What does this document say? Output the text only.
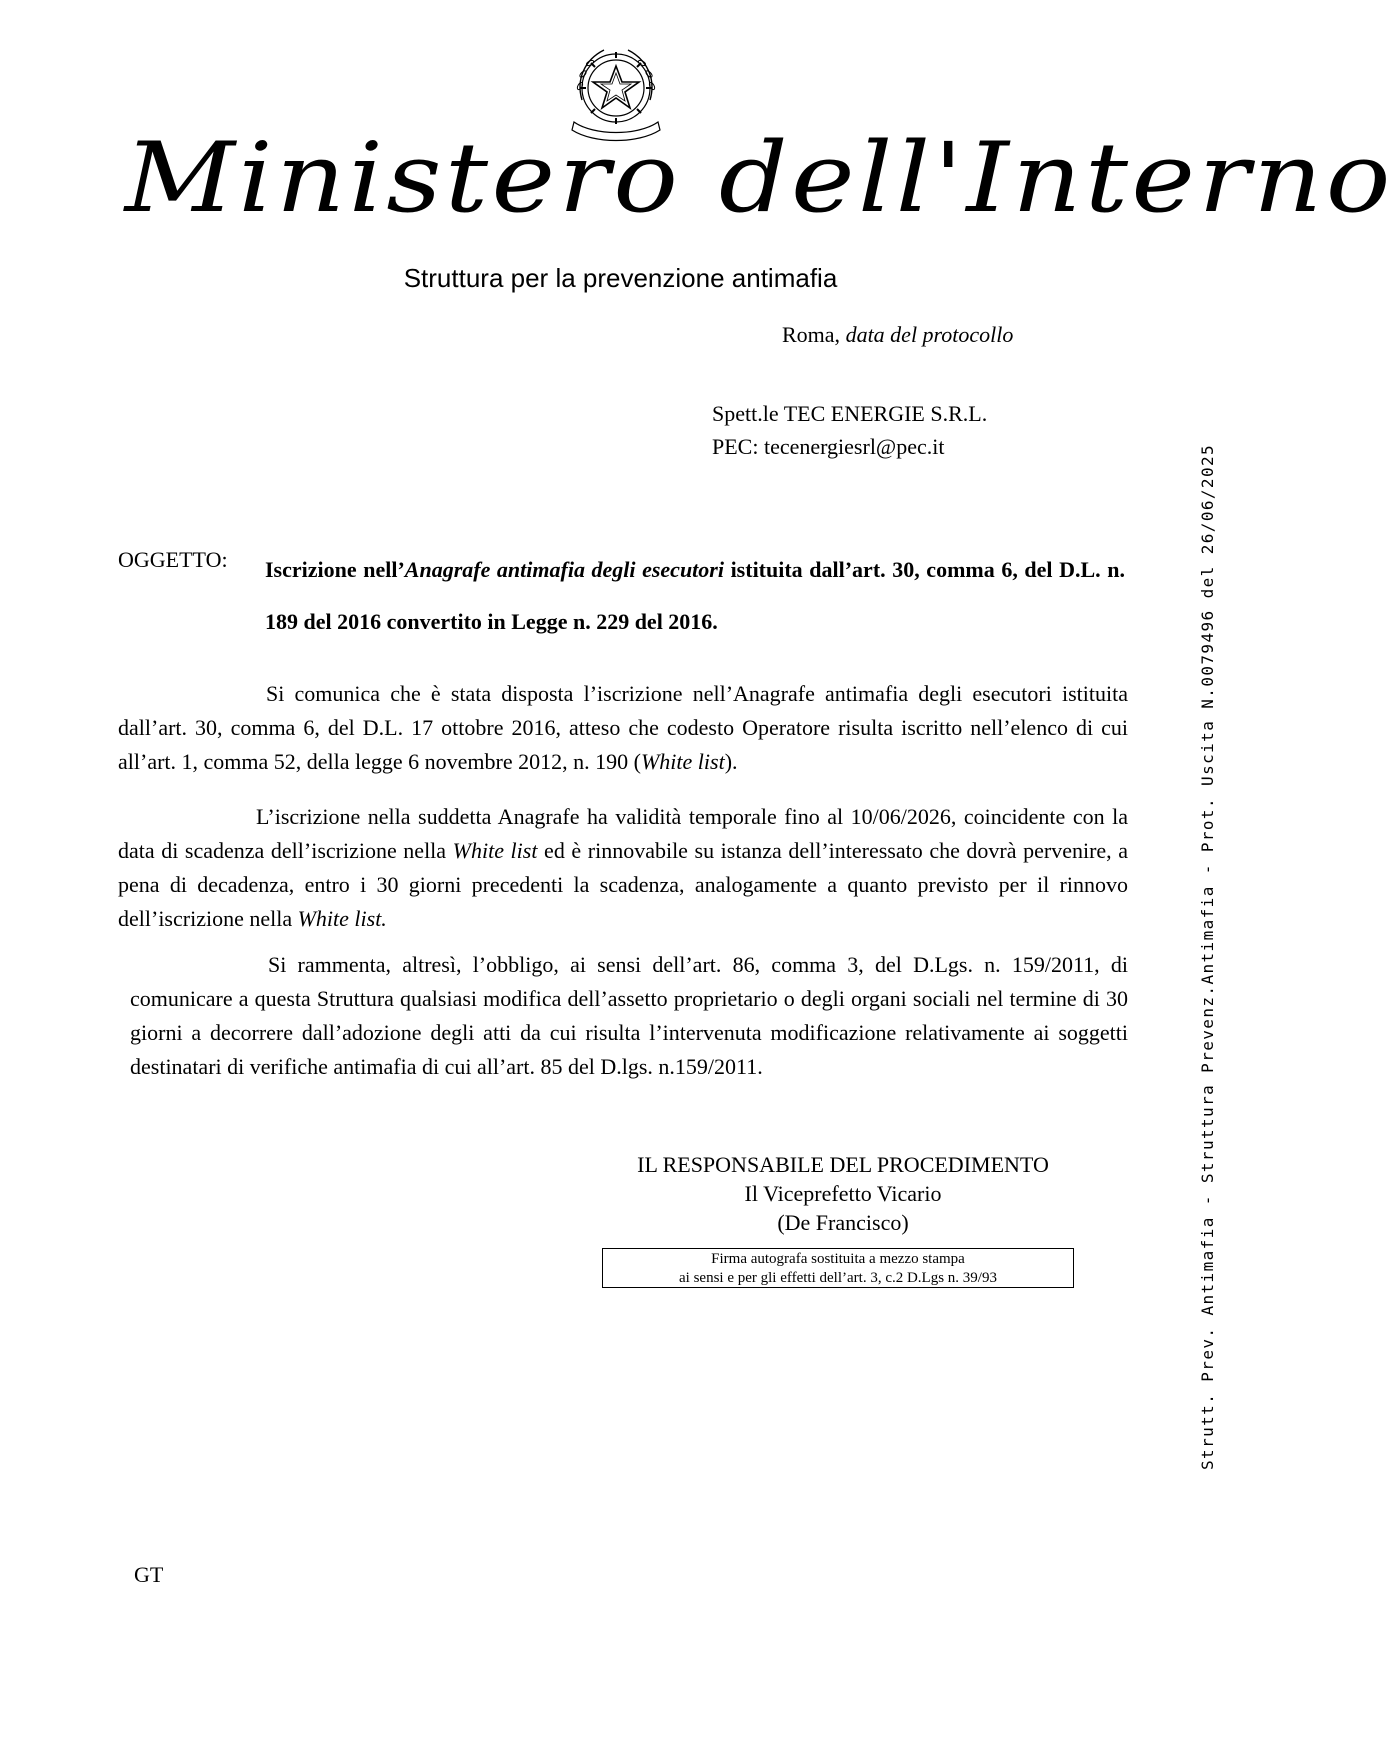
Ministero dell'Interno
Struttura per la prevenzione antimafia
Roma, data del protocollo
Spett.le TEC ENERGIE S.R.L.
PEC: tecenergiesrl@pec.it
OGGETTO: Iscrizione nell’Anagrafe antimafia degli esecutori istituita dall’art. 30, comma 6, del D.L. n. 189 del 2016 convertito in Legge n. 229 del 2016.
Si comunica che è stata disposta l’iscrizione nell’Anagrafe antimafia degli esecutori istituita dall’art. 30, comma 6, del D.L. 17 ottobre 2016, atteso che codesto Operatore risulta iscritto nell’elenco di cui all’art. 1, comma 52, della legge 6 novembre 2012, n. 190 (White list).
L’iscrizione nella suddetta Anagrafe ha validità temporale fino al 10/06/2026, coincidente con la data di scadenza dell’iscrizione nella White list ed è rinnovabile su istanza dell’interessato che dovrà pervenire, a pena di decadenza, entro i 30 giorni precedenti la scadenza, analogamente a quanto previsto per il rinnovo dell’iscrizione nella White list.
Si rammenta, altresì, l’obbligo, ai sensi dell’art. 86, comma 3, del D.Lgs. n. 159/2011, di comunicare a questa Struttura qualsiasi modifica dell’assetto proprietario o degli organi sociali nel termine di 30 giorni a decorrere dall’adozione degli atti da cui risulta l’intervenuta modificazione relativamente ai soggetti destinatari di verifiche antimafia di cui all’art. 85 del D.lgs. n.159/2011.
IL RESPONSABILE DEL PROCEDIMENTO
Il Viceprefetto Vicario
(De Francisco)
Firma autografa sostituita a mezzo stampa
ai sensi e per gli effetti dell’art. 3, c.2 D.Lgs n. 39/93
GT
Strutt. Prev. Antimafia - Struttura Prevenz.Antimafia - Prot. Uscita N.0079496 del 26/06/2025
